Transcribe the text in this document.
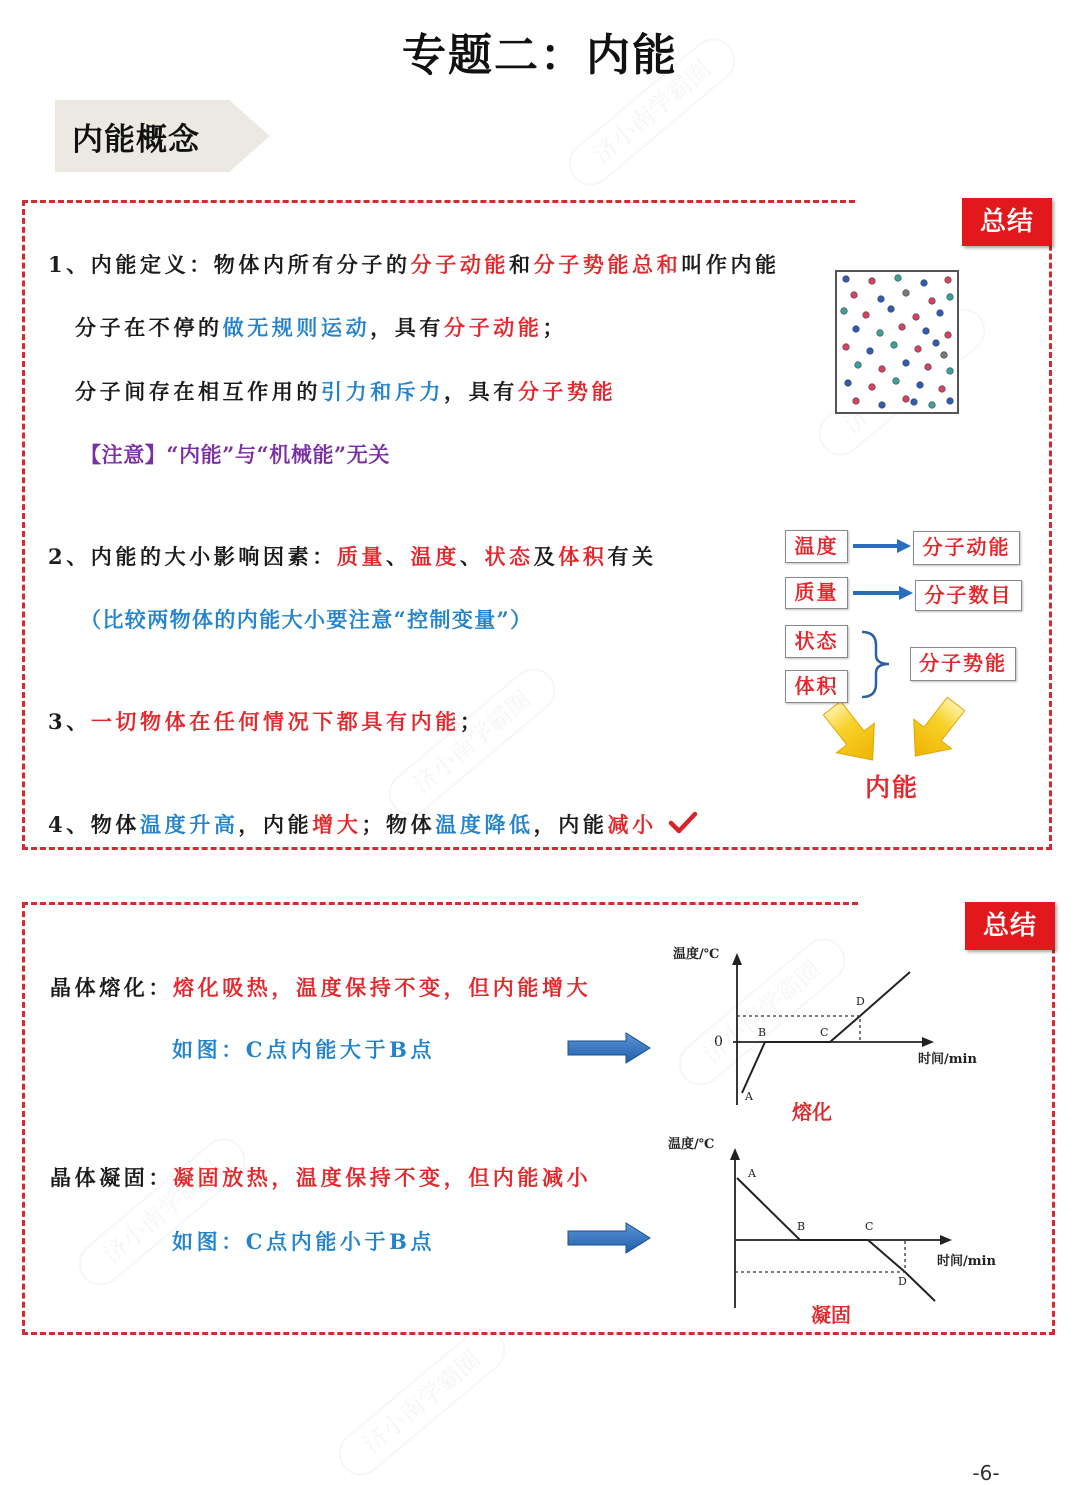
专题二：内能
内能概念
总结
1、内能定义：物体内所有分子的分子动能和分子势能总和叫作内能
分子在不停的做无规则运动，具有分子动能；
分子间存在相互作用的引力和斥力，具有分子势能
【注意】“内能”与“机械能”无关
2、内能的大小影响因素：质量、温度、状态及体积有关
（比较两物体的内能大小要注意“控制变量”）
3、一切物体在任何情况下都具有内能；
4、物体温度升高，内能增大；物体温度降低，内能减小
温度
质量
状态
体积
分子动能
分子数目
分子势能
内能
晶体熔化：熔化吸热，温度保持不变，但内能增大
如图：C点内能大于B点
晶体凝固：凝固放热，温度保持不变，但内能减小
如图：C点内能小于B点
温度/℃
0
时间/min
A
B	C
D
熔化
温度/℃
时间/min
A
B	C
D
凝固
总结
-6-
